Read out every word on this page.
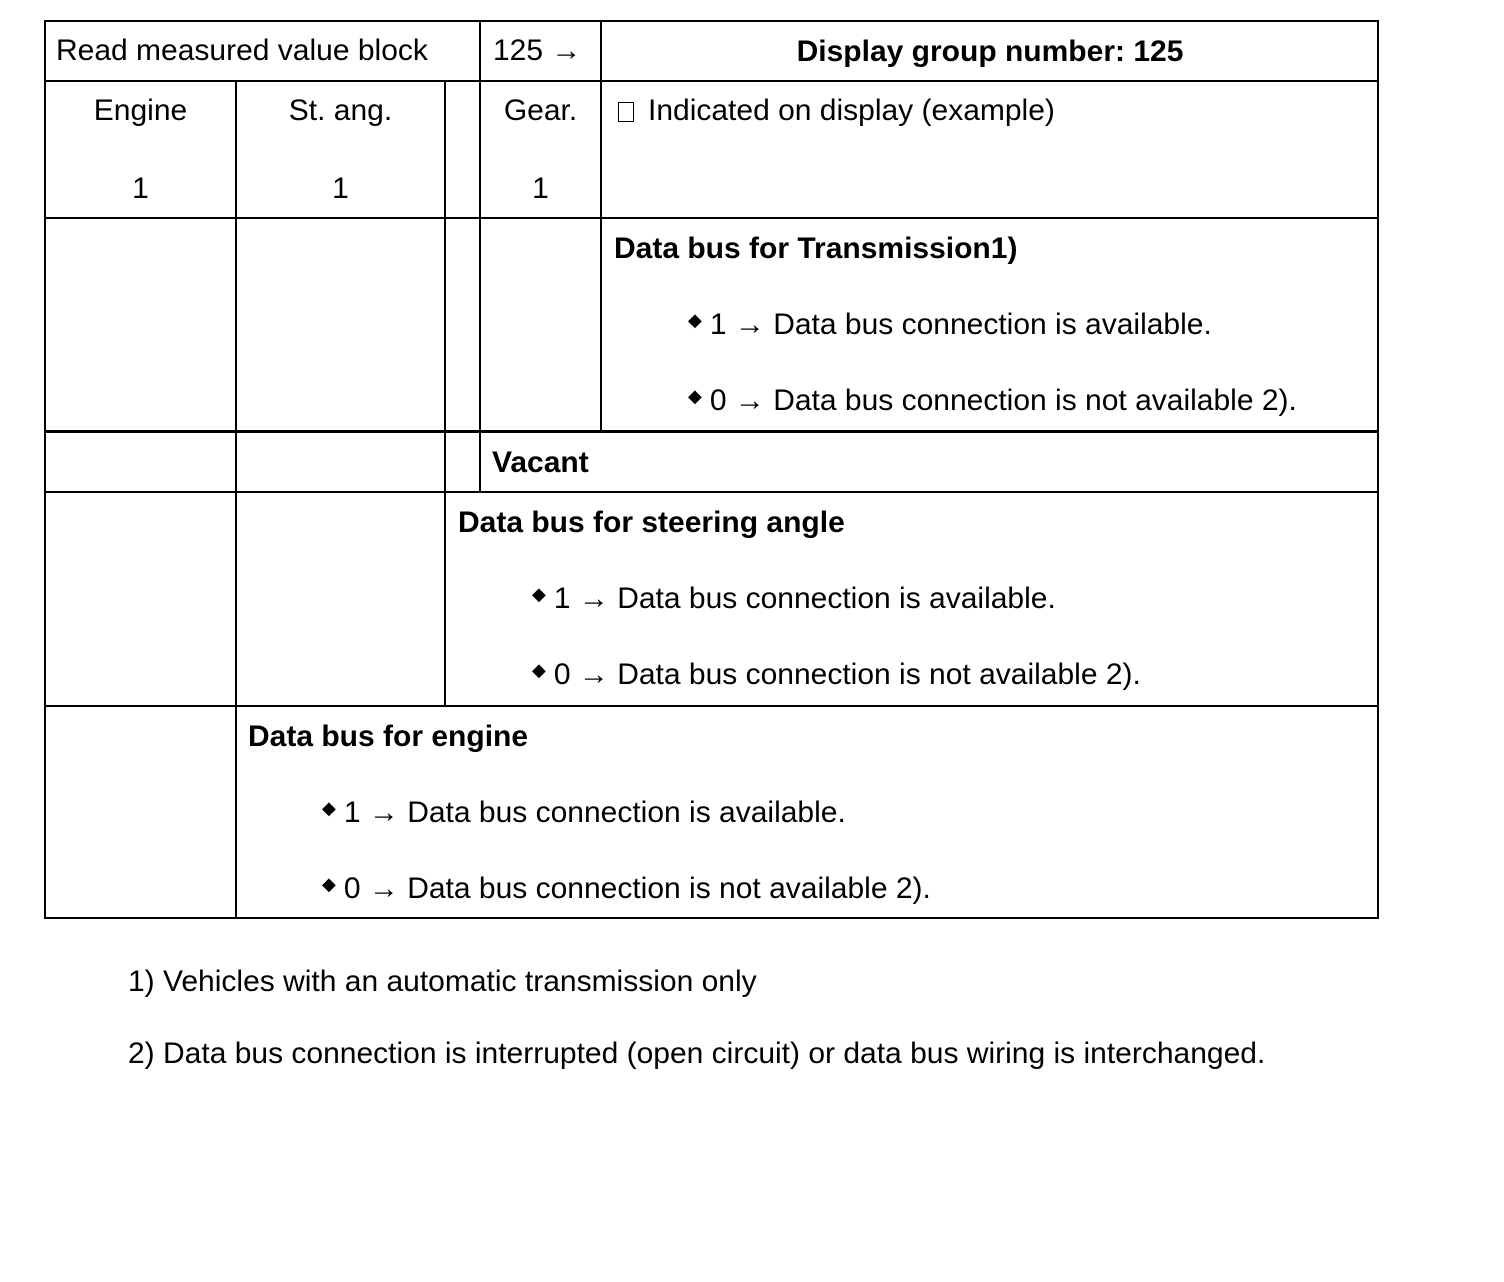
Read measured value block 125 →	Display group number: 125
Engine
1
St. ang.
1
Gear.
1
Indicated on display (example)
Data bus for Transmission1)
◆ 1 → Data bus connection is available.
◆ 0 → Data bus connection is not available 2).
Vacant
Data bus for steering angle
◆ 1 → Data bus connection is available.
◆ 0 → Data bus connection is not available 2).
Data bus for engine
◆ 1 → Data bus connection is available.
◆ 0 → Data bus connection is not available 2).
1) Vehicles with an automatic transmission only
2) Data bus connection is interrupted (open circuit) or data bus wiring is interchanged.
